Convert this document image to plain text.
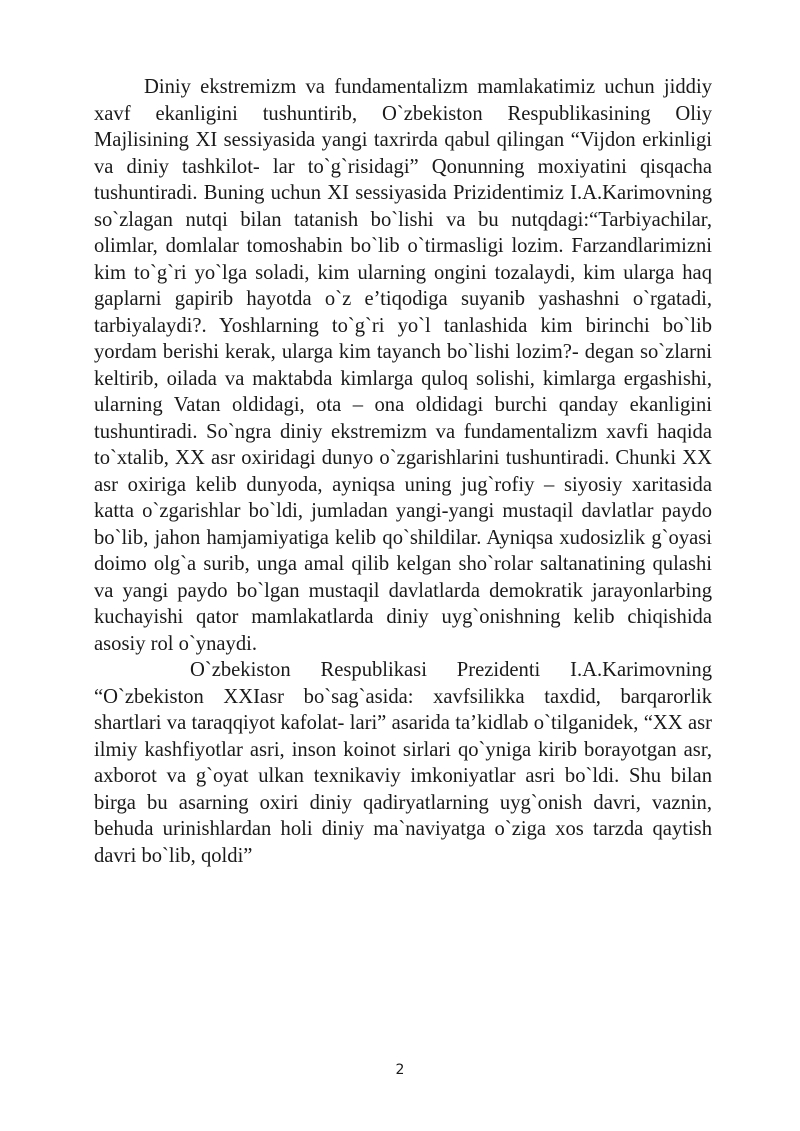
Diniy ekstremizm va fundamentalizm mamlakatimiz uchun jiddiy xavf ekanligini tushuntirib, O`zbekiston Respublikasining Oliy Majlisining XI sessiyasida yangi taxrirda qabul qilingan “Vijdon erkinligi va diniy tashkilot- lar to`g`risidagi” Qonunning moxiyatini qisqacha tushuntiradi. Buning uchun XI sessiyasida Prizidentimiz I.A.Karimovning so`zlagan nutqi bilan tatanish bo`lishi va bu nutqdagi:“Tarbiyachilar, olimlar, domlalar tomoshabin bo`lib o`tirmasligi lozim. Farzandlarimizni kim to`g`ri yo`lga soladi, kim ularning ongini tozalaydi, kim ularga haq gaplarni gapirib hayotda o`z e’tiqodiga suyanib yashashni o`rgatadi, tarbiyalaydi?. Yoshlarning to`g`ri yo`l tanlashida kim birinchi bo`lib yordam berishi kerak, ularga kim tayanch bo`lishi lozim?- degan so`zlarni keltirib, oilada va maktabda kimlarga quloq solishi, kimlarga ergashishi, ularning Vatan oldidagi, ota – ona oldidagi burchi qanday ekanligini tushuntiradi. So`ngra diniy ekstremizm va fundamentalizm xavfi haqida to`xtalib, XX asr oxiridagi dunyo o`zgarishlarini tushuntiradi. Chunki XX asr oxiriga kelib dunyoda, ayniqsa uning jug`rofiy – siyosiy xaritasida katta o`zgarishlar bo`ldi, jumladan yangi-yangi mustaqil davlatlar paydo bo`lib, jahon hamjamiyatiga kelib qo`shildilar. Ayniqsa xudosizlik g`oyasi doimo olg`a surib, unga amal qilib kelgan sho`rolar saltanatining qulashi va yangi paydo bo`lgan mustaqil davlatlarda demokratik jarayonlarbing kuchayishi qator mamlakatlarda diniy uyg`onishning kelib chiqishida asosiy rol o`ynaydi.

O`zbekiston Respublikasi Prezidenti I.A.Karimovning “O`zbekiston XXIasr bo`sag`asida: xavfsilikka taxdid, barqarorlik shartlari va taraqqiyot kafolat- lari” asarida ta’kidlab o`tilganidek, “XX asr ilmiy kashfiyotlar asri, inson koinot sirlari qo`yniga kirib borayotgan asr, axborot va g`oyat ulkan texnikaviy imkoniyatlar asri bo`ldi. Shu bilan birga bu asarning oxiri diniy qadiryatlarning uyg`onish davri, vaznin, behuda urinishlardan holi diniy ma`naviyatga o`ziga xos tarzda qaytish davri bo`lib, qoldi”

2
